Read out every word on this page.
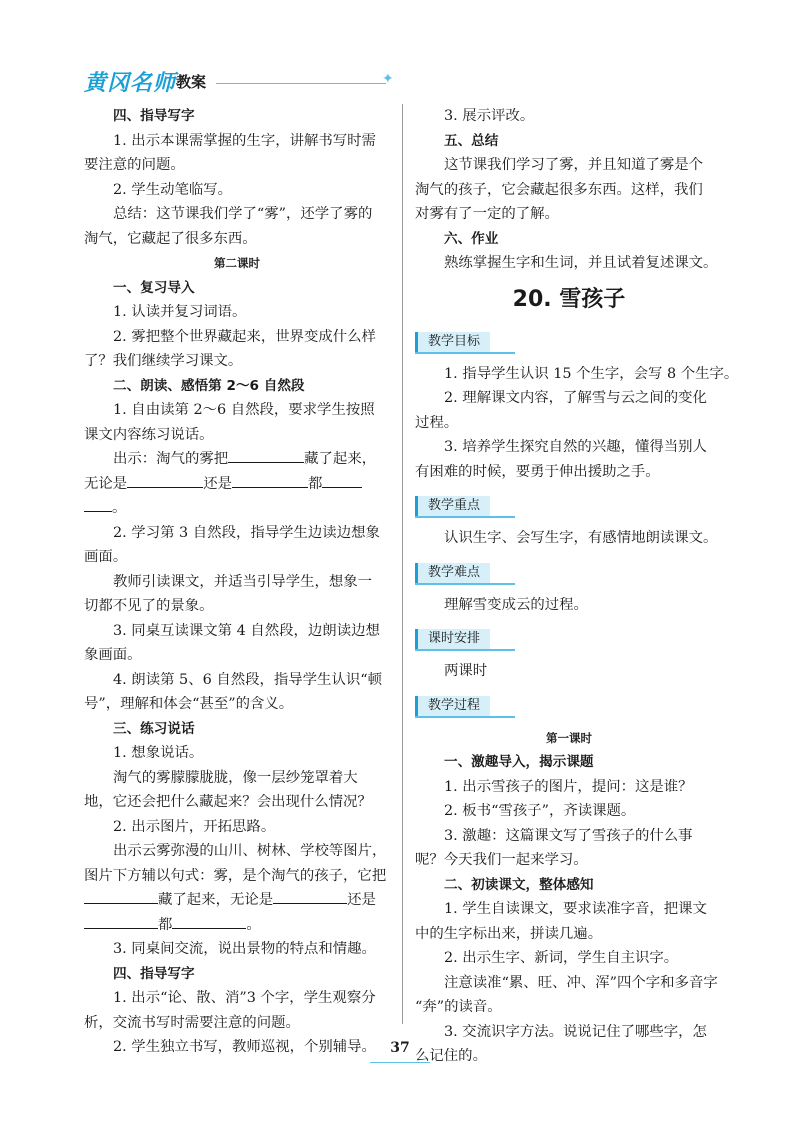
黄冈名师 教案	✦
四、指导写字
1. 出示本课需掌握的生字，讲解书写时需
要注意的问题。
2. 学生动笔临写。
总结：这节课我们学了“雾”，还学了雾的
淘气，它藏起了很多东西。
第二课时
一、复习导入
1. 认读并复习词语。
2. 雾把整个世界藏起来，世界变成什么样
了？我们继续学习课文。
二、朗读、感悟第 2～6 自然段
1. 自由读第 2～6 自然段，要求学生按照
课文内容练习说话。
出示：淘气的雾把	藏了起来，
无论是	还是	都
。
2. 学习第 3 自然段，指导学生边读边想象
画面。
教师引读课文，并适当引导学生，想象一
切都不见了的景象。
3. 同桌互读课文第 4 自然段，边朗读边想
象画面。
4. 朗读第 5、6 自然段，指导学生认识“顿
号”，理解和体会“甚至”的含义。
三、练习说话
1. 想象说话。
淘气的雾朦朦胧胧，像一层纱笼罩着大
地，它还会把什么藏起来？会出现什么情况？
2. 出示图片，开拓思路。
出示云雾弥漫的山川、树林、学校等图片，
图片下方辅以句式：雾，是个淘气的孩子，它把
藏了起来，无论是	还是
都	。
3. 同桌间交流，说出景物的特点和情趣。
四、指导写字
1. 出示“论、散、消”3 个字，学生观察分
析，交流书写时需要注意的问题。
2. 学生独立书写，教师巡视，个别辅导。
3. 展示评改。
五、总结
这节课我们学习了雾，并且知道了雾是个
淘气的孩子，它会藏起很多东西。这样，我们
对雾有了一定的了解。
六、作业
熟练掌握生字和生词，并且试着复述课文。
20. 雪孩子
教学目标
1. 指导学生认识 15 个生字，会写 8 个生字。
2. 理解课文内容，了解雪与云之间的变化
过程。
3. 培养学生探究自然的兴趣，懂得当别人
有困难的时候，要勇于伸出援助之手。
教学重点
认识生字、会写生字，有感情地朗读课文。
教学难点
理解雪变成云的过程。
课时安排
两课时
教学过程
第一课时
一、激趣导入，揭示课题
1. 出示雪孩子的图片，提问：这是谁？
2. 板书“雪孩子”，齐读课题。
3. 激趣：这篇课文写了雪孩子的什么事
呢？今天我们一起来学习。
二、初读课文，整体感知
1. 学生自读课文，要求读准字音，把课文
中的生字标出来，拼读几遍。
2. 出示生字、新词，学生自主识字。
注意读准“累、旺、冲、浑”四个字和多音字
“奔”的读音。
3. 交流识字方法。说说记住了哪些字，怎
么记住的。
37
